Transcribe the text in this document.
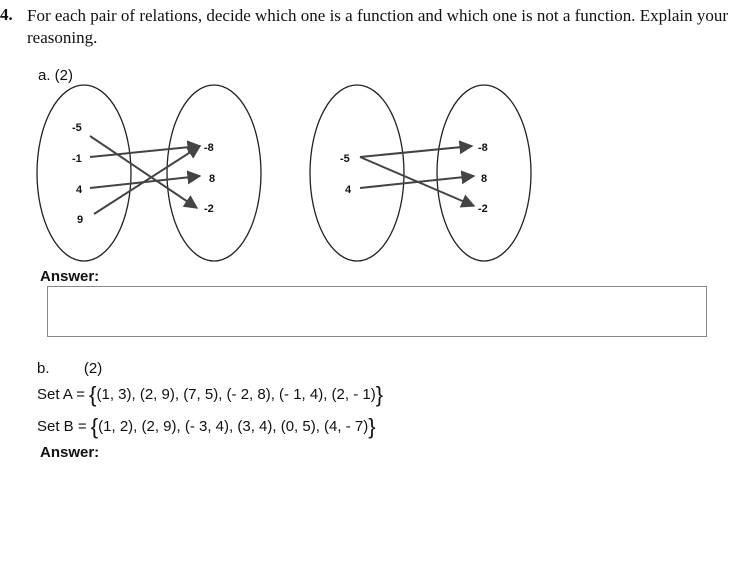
4. For each pair of relations, decide which one is a function and which one is not a function. Explain your reasoning.
a. (2)
-5
-1
4
9
-8
8
-2
-5
4
-8
8
-2
Answer:
b. (2)
Set A = {(1, 3), (2, 9), (7, 5), (- 2, 8), (- 1, 4), (2, - 1)}
Set B = {(1, 2), (2, 9), (- 3, 4), (3, 4), (0, 5), (4, - 7)}
Answer:
